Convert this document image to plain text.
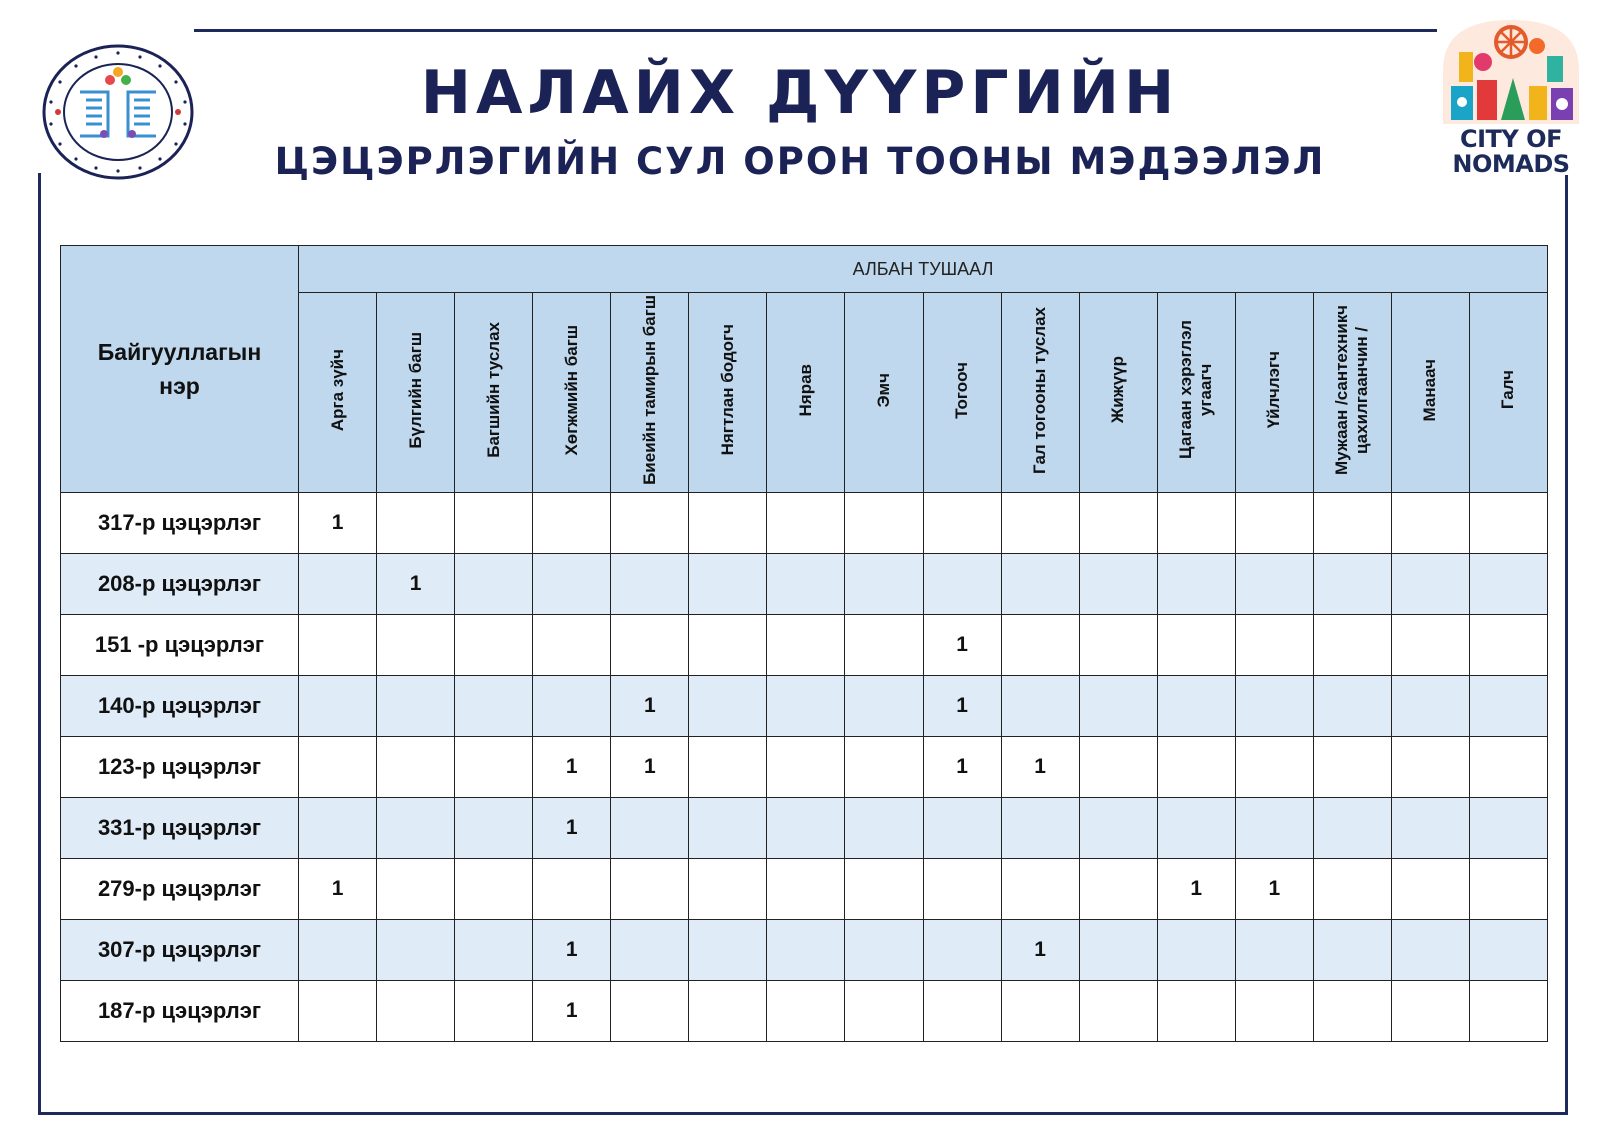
CITY OF
NOMADS
НАЛАЙХ ДҮҮРГИЙН
ЦЭЦЭРЛЭГИЙН СУЛ ОРОН ТООНЫ МЭДЭЭЛЭЛ
Байгууллагын нэр	АЛБАН ТУШААЛ															
	Арга зүйч	Бүлгийн багш	Багшийн туслах	Хөгжмийн багш	Биеийн тамирын багш	Нягтлан бодогч	Нярав	Эмч	Тогооч	Гал тогооны туслах	Жижүүр	Цагаан хэрэглэл угаагч	Үйлчлэгч	Мужаан /сантехникч цахилгаанчин /	Манаач	Галч
317-р цэцэрлэг	1															
208-р цэцэрлэг		1														
151 -р цэцэрлэг									1							
140-р цэцэрлэг					1				1							
123-р цэцэрлэг				1	1				1	1						
331-р цэцэрлэг				1												
279-р цэцэрлэг	1											1	1			
307-р цэцэрлэг				1						1						
187-р цэцэрлэг				1												
